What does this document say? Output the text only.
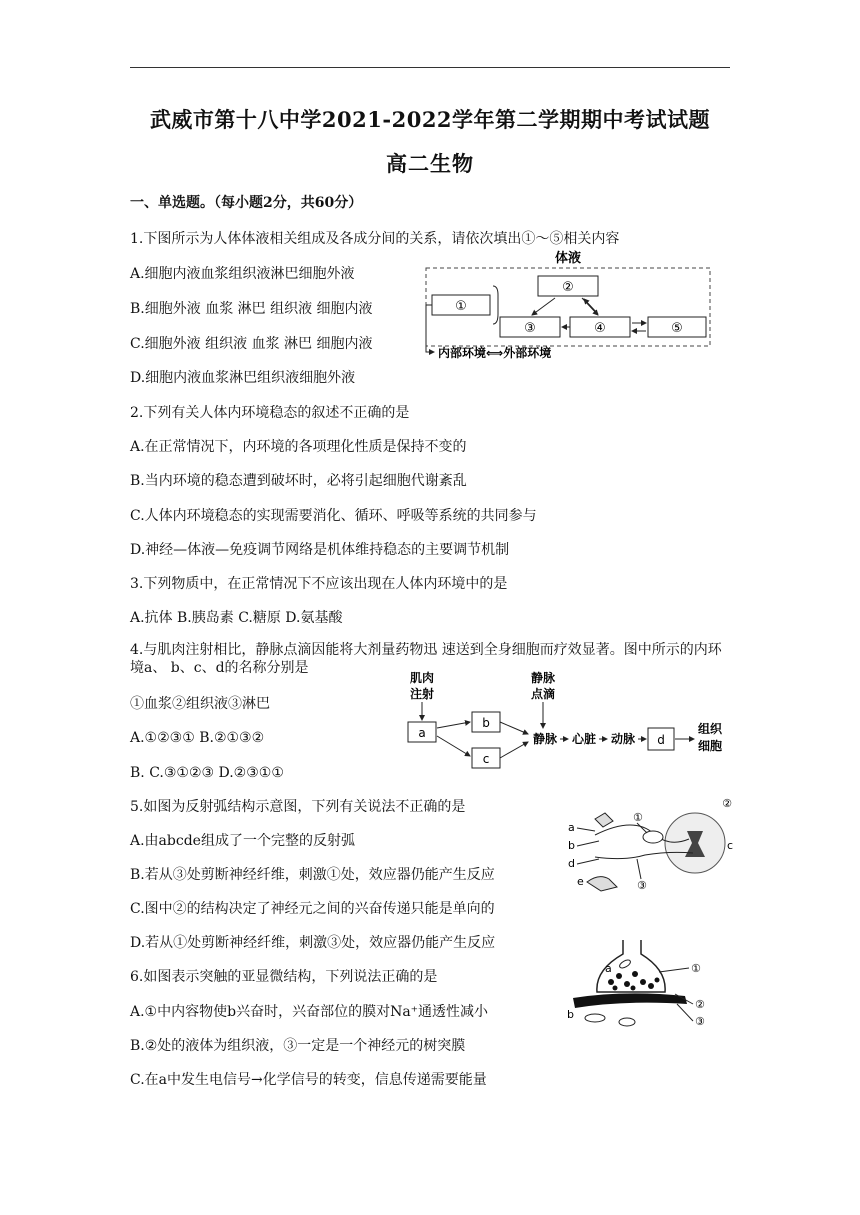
武威市第十八中学2021-2022学年第二学期期中考试试题
高二生物
一、单选题。（每小题2分，共60分）
1.下图所示为人体体液相关组成及各成分间的关系，请依次填出①～⑤相关内容
A.细胞内液血浆组织液淋巴细胞外液
B.细胞外液 血浆 淋巴 组织液 细胞内液
C.细胞外液 组织液 血浆 淋巴 细胞内液
D.细胞内液血浆淋巴组织液细胞外液
体液
①
②
③	④	⑤
内部环境⟺外部环境
2.下列有关人体内环境稳态的叙述不正确的是
A.在正常情况下，内环境的各项理化性质是保持不变的
B.当内环境的稳态遭到破坏时，必将引起细胞代谢紊乱
C.人体内环境稳态的实现需要消化、循环、呼吸等系统的共同参与
D.神经—体液—免疫调节网络是机体维持稳态的主要调节机制
3.下列物质中，在正常情况下不应该出现在人体内环境中的是
A.抗体 B.胰岛素 C.糖原 D.氨基酸
4.与肌肉注射相比，静脉点滴因能将大剂量药物迅 速送到全身细胞而疗效显著。图中所示的内环境a、 b、c、d的名称分别是
①血浆②组织液③淋巴
A.①②③① B.②①③②
B. C.③①②③ D.②③①①
肌肉
注射
静脉
点滴
a
b
c
静脉 心脏 动脉 d
组织
细胞
5.如图为反射弧结构示意图，下列有关说法不正确的是
A.由abcde组成了一个完整的反射弧
B.若从③处剪断神经纤维，刺激①处，效应器仍能产生反应
C.图中②的结构决定了神经元之间的兴奋传递只能是单向的
D.若从①处剪断神经纤维，刺激③处，效应器仍能产生反应
②
c
①
③
a
b
d
e
6.如图表示突触的亚显微结构，下列说法正确的是
A.①中内容物使b兴奋时，兴奋部位的膜对Na⁺通透性减小
B.②处的液体为组织液，③一定是一个神经元的树突膜
C.在a中发生电信号→化学信号的转变，信息传递需要能量
a
b
①
②
③
